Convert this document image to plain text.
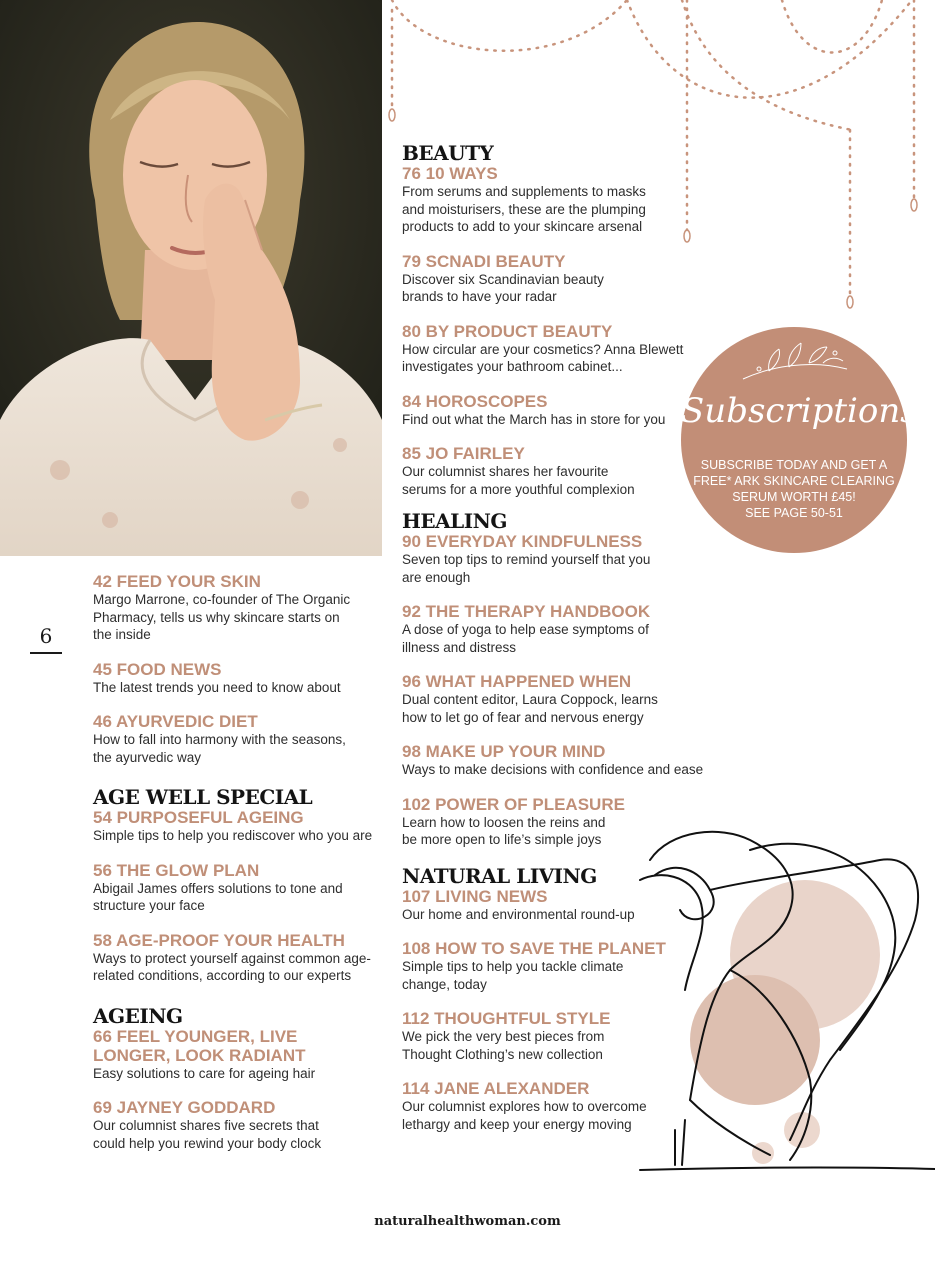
6

42 FEED YOUR SKIN

Margo Marrone, co-founder of The Organic

Pharmacy, tells us why skincare starts on

the inside

45 FOOD NEWS

The latest trends you need to know about

46 AYURVEDIC DIET

How to fall into harmony with the seasons,

the ayurvedic way

AGE WELL SPECIAL

54 PURPOSEFUL AGEING

Simple tips to help you rediscover who you are

56 THE GLOW PLAN

Abigail James offers solutions to tone and

structure your face

58 AGE-PROOF YOUR HEALTH

Ways to protect yourself against common age-

related conditions, according to our experts

AGEING

66 FEEL YOUNGER, LIVE

LONGER, LOOK RADIANT

Easy solutions to care for ageing hair

69 JAYNEY GODDARD

Our columnist shares five secrets that

could help you rewind your body clock

BEAUTY

76 10 WAYS

From serums and supplements to masks

and moisturisers, these are the plumping

products to add to your skincare arsenal

79 SCNADI BEAUTY

Discover six Scandinavian beauty

brands to have your radar

80 BY PRODUCT BEAUTY

How circular are your cosmetics? Anna Blewett

investigates your bathroom cabinet...

84 HOROSCOPES

Find out what the March has in store for you

85 JO FAIRLEY

Our columnist shares her favourite

serums for a more youthful complexion

HEALING

90 EVERYDAY KINDFULNESS

Seven top tips to remind yourself that you

are enough

92 THE THERAPY HANDBOOK

A dose of yoga to help ease symptoms of

illness and distress

96 WHAT HAPPENED WHEN

Dual content editor, Laura Coppock, learns

how to let go of fear and nervous energy

98 MAKE UP YOUR MIND

Ways to make decisions with confidence and ease

102 POWER OF PLEASURE

Learn how to loosen the reins and

be more open to life’s simple joys

NATURAL LIVING

107 LIVING NEWS

Our home and environmental round-up

108 HOW TO SAVE THE PLANET

Simple tips to help you tackle climate

change, today

112 THOUGHTFUL STYLE

We pick the very best pieces from

Thought Clothing’s new collection

114 JANE ALEXANDER

Our columnist explores how to overcome

lethargy and keep your energy moving

Subscriptions
SUBSCRIBE TODAY AND GET A
FREE* ARK SKINCARE CLEARING
SERUM WORTH £45!
SEE PAGE 50-51
naturalhealthwoman.com
